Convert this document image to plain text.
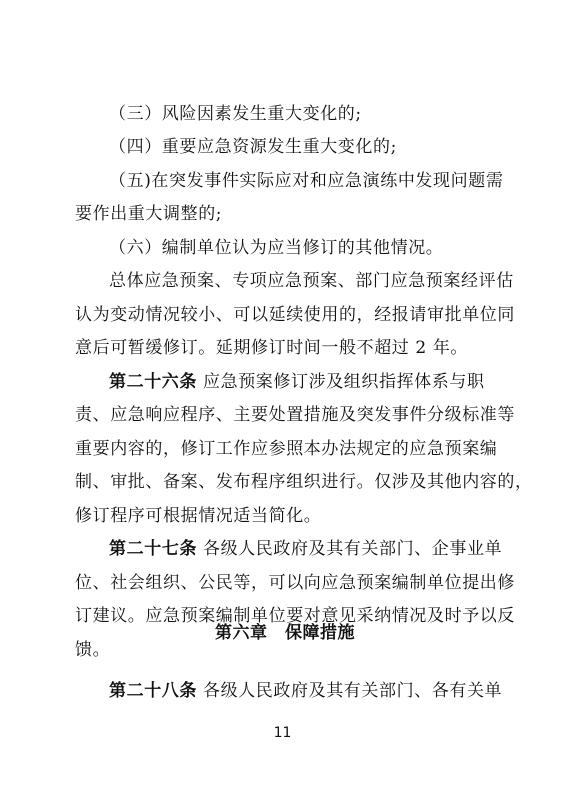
（三）风险因素发生重大变化的;
（四）重要应急资源发生重大变化的;
（五)在突发事件实际应对和应急演练中发现问题需
要作出重大调整的;
（六）编制单位认为应当修订的其他情况。
总体应急预案、专项应急预案、部门应急预案经评估
认为变动情况较小、可以延续使用的，经报请审批单位同
意后可暂缓修订。延期修订时间一般不超过 2 年。
第二十六条 应急预案修订涉及组织指挥体系与职
责、应急响应程序、主要处置措施及突发事件分级标准等
重要内容的，修订工作应参照本办法规定的应急预案编
制、审批、备案、发布程序组织进行。仅涉及其他内容的，
修订程序可根据情况适当简化。
第二十七条 各级人民政府及其有关部门、企事业单
位、社会组织、公民等，可以向应急预案编制单位提出修
订建议。应急预案编制单位要对意见采纳情况及时予以反
馈。
第六章　保障措施
第二十八条 各级人民政府及其有关部门、各有关单
11
